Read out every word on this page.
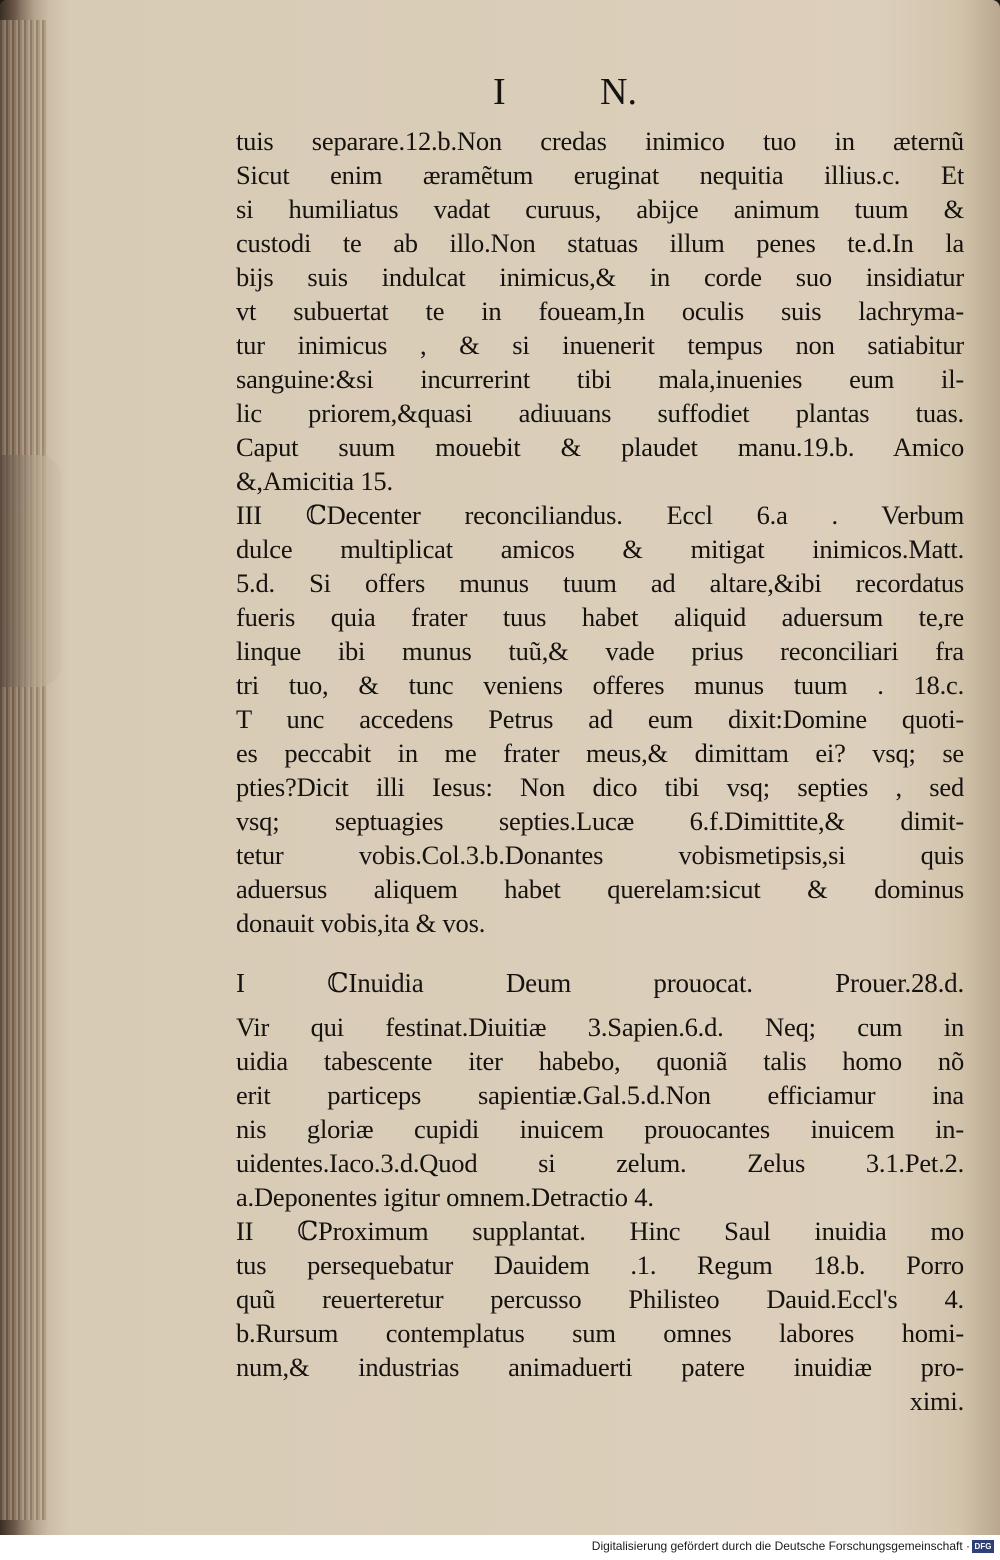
I N.
tuis separare.12.b.Non credas inimico tuo in æternũ
Sicut enim æramẽtum eruginat nequitia illius.c. Et
si humiliatus vadat curuus, abijce animum tuum &
custodi te ab illo.Non statuas illum penes te.d.In la
bijs suis indulcat inimicus,& in corde suo insidiatur
vt subuertat te in foueam,In oculis suis lachryma-
tur inimicus , & si inuenerit tempus non satiabitur
sanguine:&si incurrerint tibi mala,inuenies eum il-
lic priorem,&quasi adiuuans suffodiet plantas tuas.
Caput suum mouebit & plaudet manu.19.b. Amico
&,Amicitia 15.
III ℂDecenter reconciliandus. Eccl 6.a . Verbum
dulce multiplicat amicos & mitigat inimicos.Matt.
5.d. Si offers munus tuum ad altare,&ibi recordatus
fueris quia frater tuus habet aliquid aduersum te,re
linque ibi munus tuũ,& vade prius reconciliari fra
tri tuo, & tunc veniens offeres munus tuum . 18.c.
T unc accedens Petrus ad eum dixit:Domine quoti-
es peccabit in me frater meus,& dimittam ei? vsq; se
pties?Dicit illi Iesus: Non dico tibi vsq; septies , sed
vsq; septuagies septies.Lucæ 6.f.Dimittite,& dimit-
tetur vobis.Col.3.b.Donantes vobismetipsis,si quis
aduersus aliquem habet querelam:sicut & dominus
donauit vobis,ita & vos.
I ℂInuidia Deum prouocat. Prouer.28.d.
Vir qui festinat.Diuitiæ 3.Sapien.6.d. Neq; cum in
uidia tabescente iter habebo, quoniã talis homo nõ
erit particeps sapientiæ.Gal.5.d.Non efficiamur ina
nis gloriæ cupidi inuicem prouocantes inuicem in-
uidentes.Iaco.3.d.Quod si zelum. Zelus 3.1.Pet.2.
a.Deponentes igitur omnem.Detractio 4.
II ℂProximum supplantat. Hinc Saul inuidia mo
tus persequebatur Dauidem .1. Regum 18.b. Porro
quũ reuerteretur percusso Philisteo Dauid.Eccl's 4.
b.Rursum contemplatus sum omnes labores homi-
num,& industrias animaduerti patere inuidiæ pro-
ximi.
Digitalisierung gefördert durch die Deutsche Forschungsgemeinschaft · DFG
